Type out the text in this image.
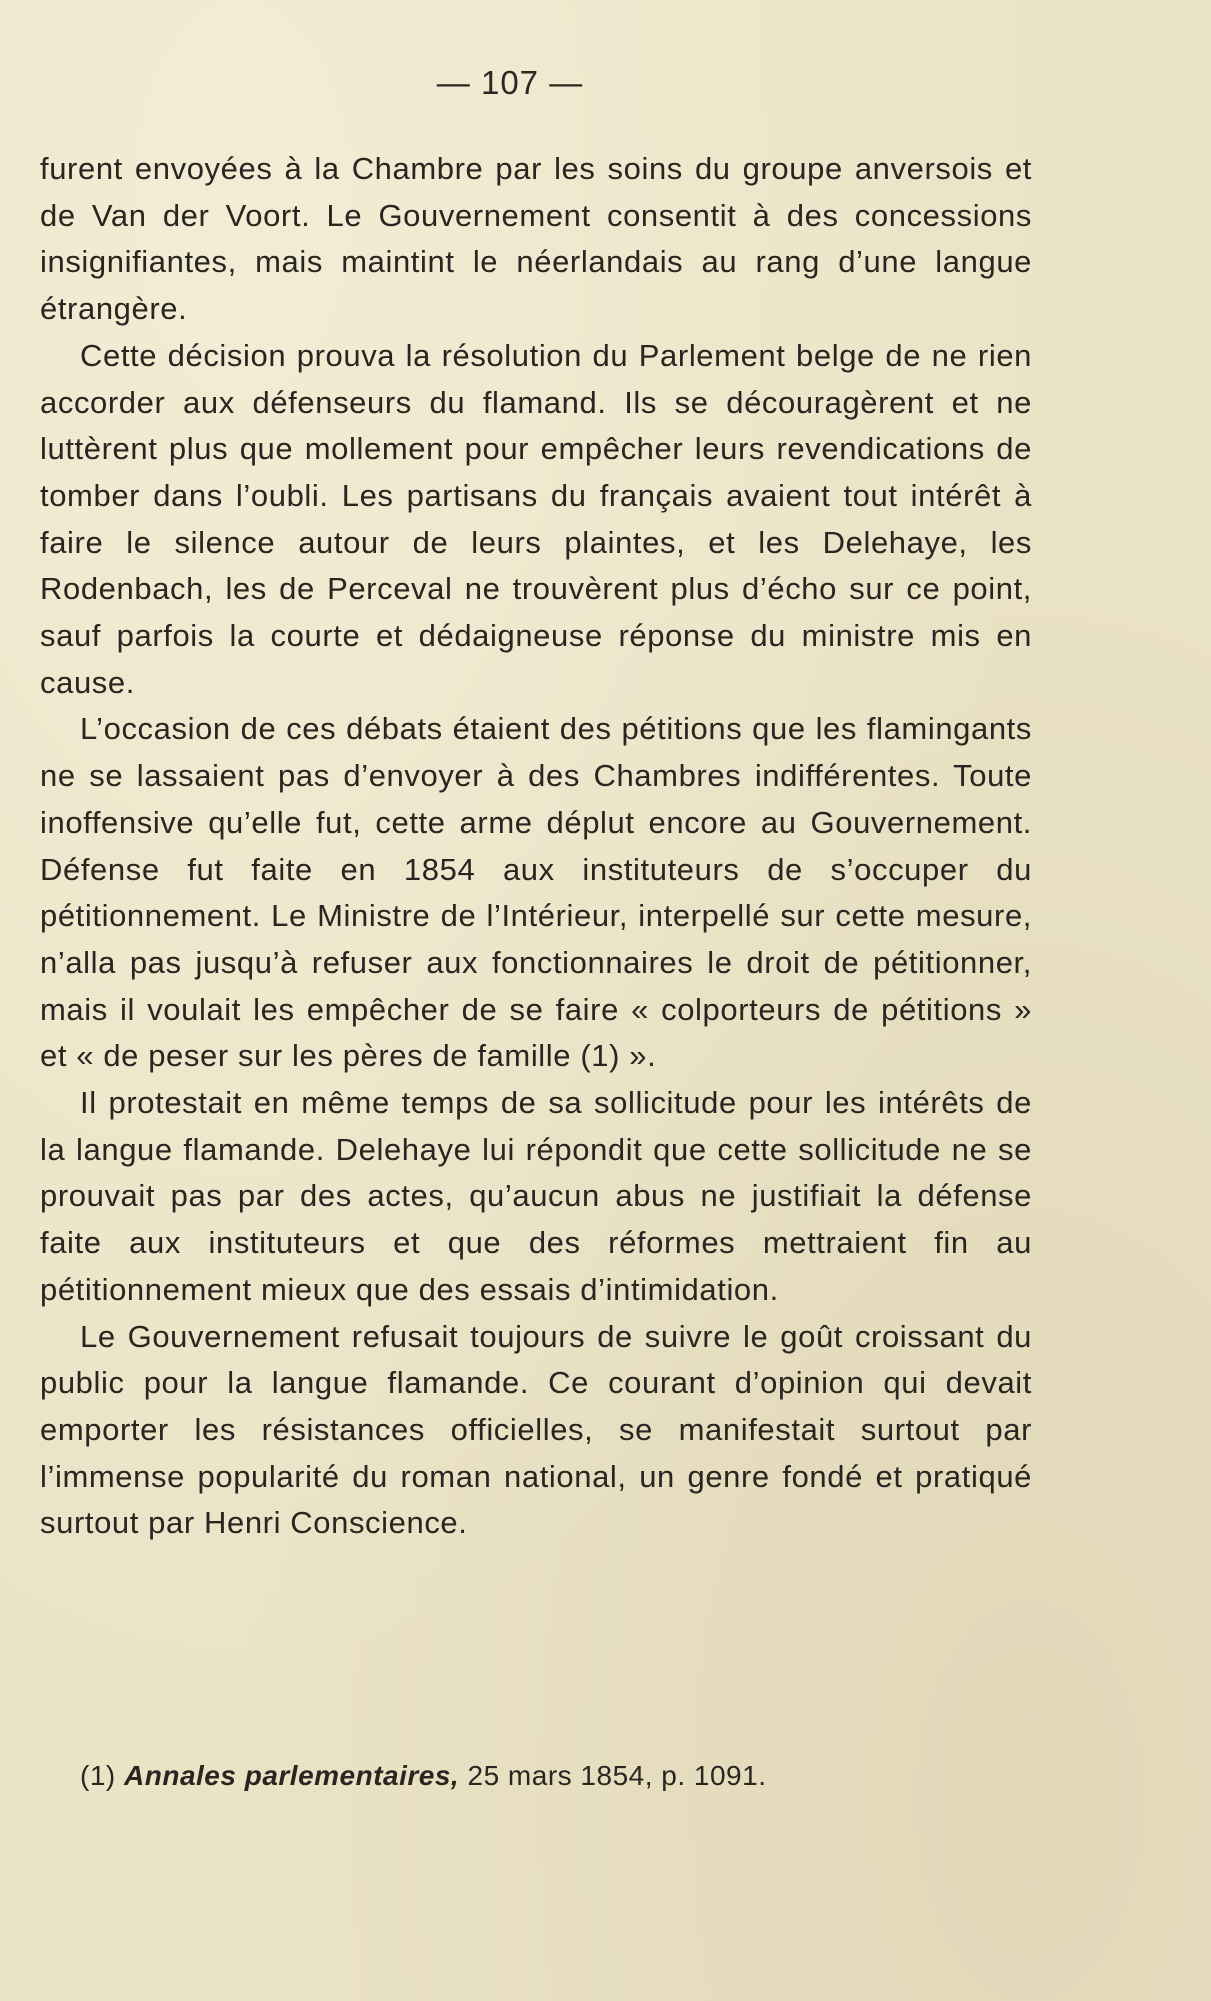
— 107 —

furent envoyées à la Chambre par les soins du groupe anversois et de Van der Voort. Le Gouvernement consentit à des concessions insignifiantes, mais maintint le néerlandais au rang d’une langue étrangère.

Cette décision prouva la résolution du Parlement belge de ne rien accorder aux défenseurs du flamand. Ils se découragèrent et ne luttèrent plus que mollement pour empêcher leurs revendications de tomber dans l’oubli. Les partisans du français avaient tout intérêt à faire le silence autour de leurs plaintes, et les Delehaye, les Rodenbach, les de Perceval ne trouvèrent plus d’écho sur ce point, sauf parfois la courte et dédaigneuse réponse du ministre mis en cause.

L’occasion de ces débats étaient des pétitions que les flamingants ne se lassaient pas d’envoyer à des Chambres indifférentes. Toute inoffensive qu’elle fut, cette arme déplut encore au Gouvernement. Défense fut faite en 1854 aux instituteurs de s’occuper du pétitionnement. Le Ministre de l’Intérieur, interpellé sur cette mesure, n’alla pas jusqu’à refuser aux fonctionnaires le droit de pétitionner, mais il voulait les empêcher de se faire « colporteurs de pétitions » et « de peser sur les pères de famille (1) ».

Il protestait en même temps de sa sollicitude pour les intérêts de la langue flamande. Delehaye lui répondit que cette sollicitude ne se prouvait pas par des actes, qu’aucun abus ne justifiait la défense faite aux instituteurs et que des réformes mettraient fin au pétitionnement mieux que des essais d’intimidation.

Le Gouvernement refusait toujours de suivre le goût croissant du public pour la langue flamande. Ce courant d’opinion qui devait emporter les résistances officielles, se manifestait surtout par l’immense popularité du roman national, un genre fondé et pratiqué surtout par Henri Conscience.

(1) Annales parlementaires, 25 mars 1854, p. 1091.
